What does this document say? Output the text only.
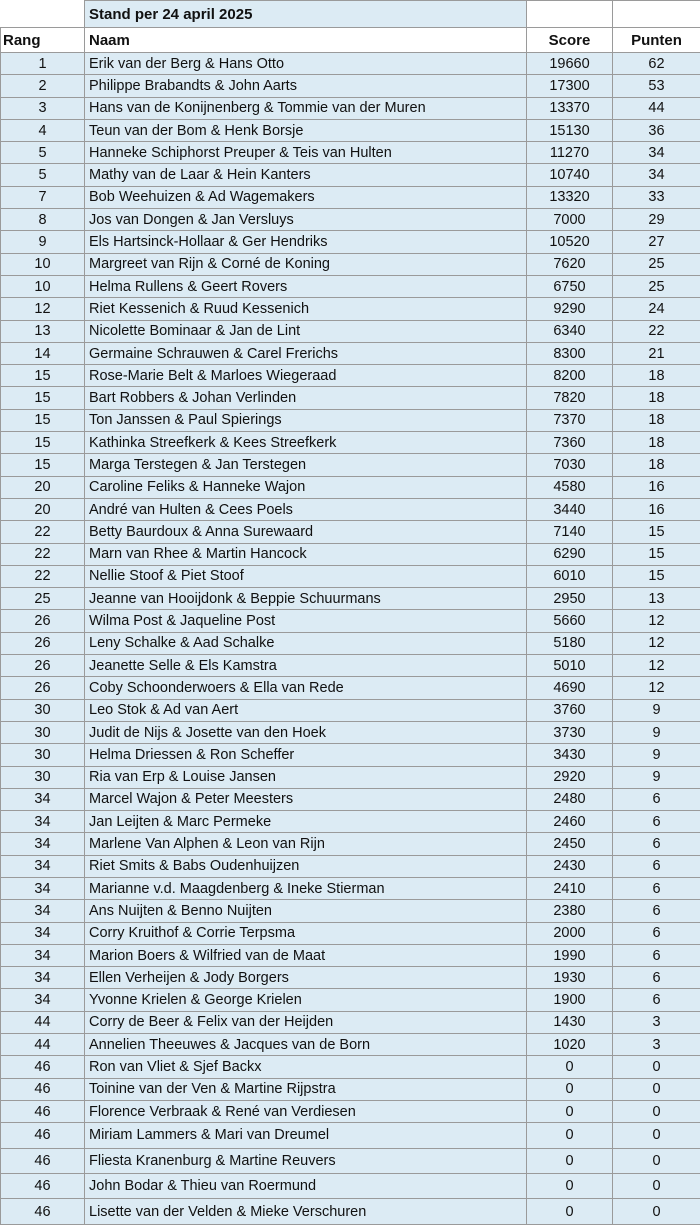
	Stand per 24 april 2025		
Rang	Naam	Score	Punten
1	Erik van der Berg & Hans Otto	19660	62
2	Philippe Brabandts & John Aarts	17300	53
3	Hans van de Konijnenberg & Tommie van der Muren	13370	44
4	Teun van der Bom & Henk Borsje	15130	36
5	Hanneke Schiphorst Preuper & Teis van Hulten	11270	34
5	Mathy van de Laar & Hein Kanters	10740	34
7	Bob Weehuizen & Ad Wagemakers	13320	33
8	Jos van Dongen & Jan Versluys	7000	29
9	Els Hartsinck-Hollaar & Ger Hendriks	10520	27
10	Margreet van Rijn & Corné de Koning	7620	25
10	Helma Rullens & Geert Rovers	6750	25
12	Riet Kessenich & Ruud Kessenich	9290	24
13	Nicolette Bominaar & Jan de Lint	6340	22
14	Germaine Schrauwen & Carel Frerichs	8300	21
15	Rose-Marie Belt & Marloes Wiegeraad	8200	18
15	Bart Robbers & Johan Verlinden	7820	18
15	Ton Janssen & Paul Spierings	7370	18
15	Kathinka Streefkerk & Kees Streefkerk	7360	18
15	Marga Terstegen & Jan Terstegen	7030	18
20	Caroline Feliks & Hanneke Wajon	4580	16
20	André van Hulten & Cees Poels	3440	16
22	Betty Baurdoux & Anna Surewaard	7140	15
22	Marn van Rhee & Martin Hancock	6290	15
22	Nellie Stoof & Piet Stoof	6010	15
25	Jeanne van Hooijdonk & Beppie Schuurmans	2950	13
26	Wilma Post & Jaqueline Post	5660	12
26	Leny Schalke & Aad Schalke	5180	12
26	Jeanette Selle & Els Kamstra	5010	12
26	Coby Schoonderwoers & Ella van Rede	4690	12
30	Leo Stok & Ad van Aert	3760	9
30	Judit de Nijs & Josette van den Hoek	3730	9
30	Helma Driessen & Ron Scheffer	3430	9
30	Ria van Erp & Louise Jansen	2920	9
34	Marcel Wajon & Peter Meesters	2480	6
34	Jan Leijten & Marc Permeke	2460	6
34	Marlene Van Alphen & Leon van Rijn	2450	6
34	Riet Smits & Babs Oudenhuijzen	2430	6
34	Marianne v.d. Maagdenberg & Ineke Stierman	2410	6
34	Ans Nuijten & Benno Nuijten	2380	6
34	Corry Kruithof & Corrie Terpsma	2000	6
34	Marion Boers & Wilfried van de Maat	1990	6
34	Ellen Verheijen & Jody Borgers	1930	6
34	Yvonne Krielen & George Krielen	1900	6
44	Corry de Beer & Felix van der Heijden	1430	3
44	Annelien Theeuwes & Jacques van de Born	1020	3
46	Ron van Vliet & Sjef Backx	0	0
46	Toinine van der Ven & Martine Rijpstra	0	0
46	Florence Verbraak & René van Verdiesen	0	0
46	Miriam Lammers & Mari van Dreumel	0	0
46	Fliesta Kranenburg & Martine Reuvers	0	0
46	John Bodar & Thieu van Roermund	0	0
46	Lisette van der Velden & Mieke Verschuren	0	0
